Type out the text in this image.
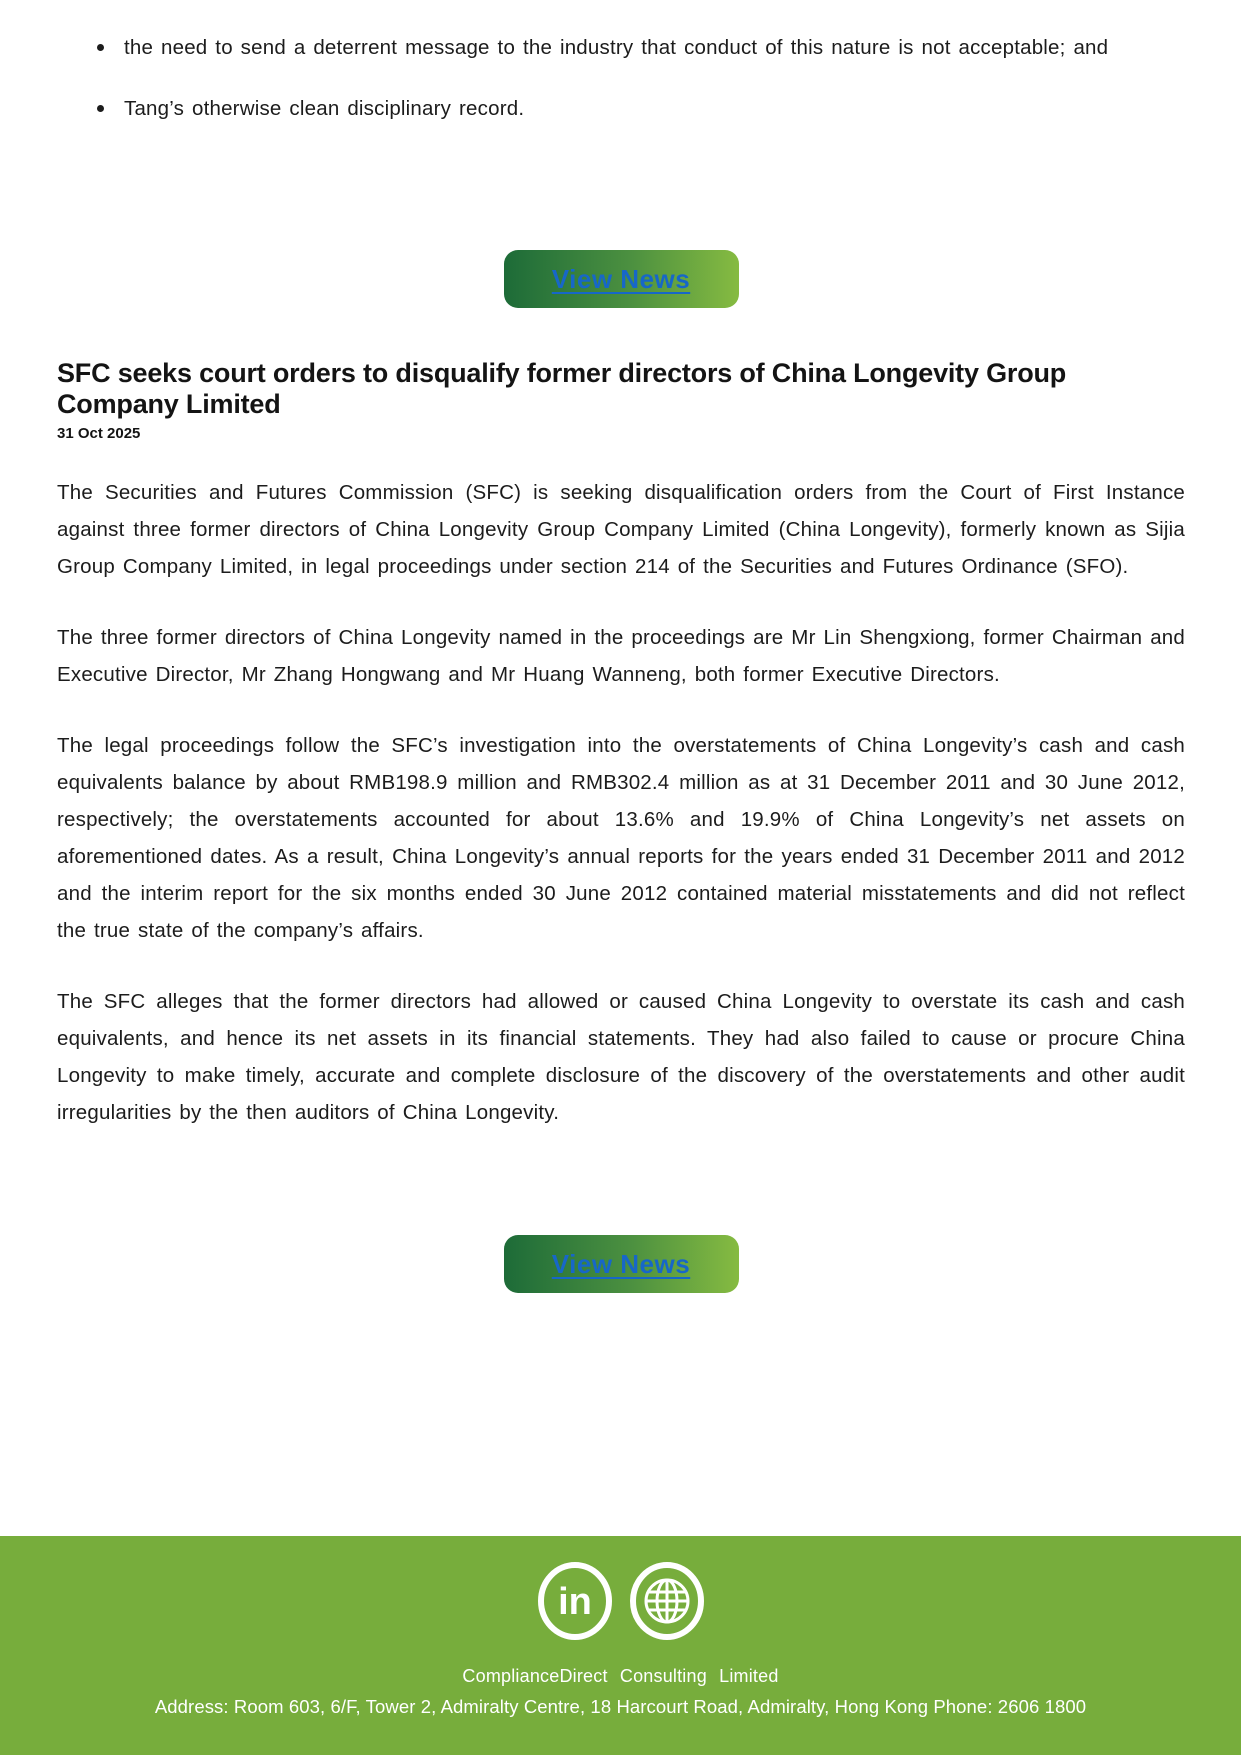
the need to send a deterrent message to the industry that conduct of this nature is not acceptable; and
Tang’s otherwise clean disciplinary record.
View News
SFC seeks court orders to disqualify former directors of China Longevity Group Company Limited
31 Oct 2025

The Securities and Futures Commission (SFC) is seeking disqualification orders from the Court of First Instance against three former directors of China Longevity Group Company Limited (China Longevity), formerly known as Sijia Group Company Limited, in legal proceedings under section 214 of the Securities and Futures Ordinance (SFO).

The three former directors of China Longevity named in the proceedings are Mr Lin Shengxiong, former Chairman and Executive Director, Mr Zhang Hongwang and Mr Huang Wanneng, both former Executive Directors.

The legal proceedings follow the SFC’s investigation into the overstatements of China Longevity’s cash and cash equivalents balance by about RMB198.9 million and RMB302.4 million as at 31 December 2011 and 30 June 2012, respectively; the overstatements accounted for about 13.6% and 19.9% of China Longevity’s net assets on aforementioned dates. As a result, China Longevity’s annual reports for the years ended 31 December 2011 and 2012 and the interim report for the six months ended 30 June 2012 contained material misstatements and did not reflect the true state of the company’s affairs.

The SFC alleges that the former directors had allowed or caused China Longevity to overstate its cash and cash equivalents, and hence its net assets in its financial statements. They had also failed to cause or procure China Longevity to make timely, accurate and complete disclosure of the discovery of the overstatements and other audit irregularities by the then auditors of China Longevity.

View News
in
ComplianceDirect Consulting Limited
Address: Room 603, 6/F, Tower 2, Admiralty Centre, 18 Harcourt Road, Admiralty, Hong Kong Phone: 2606 1800
